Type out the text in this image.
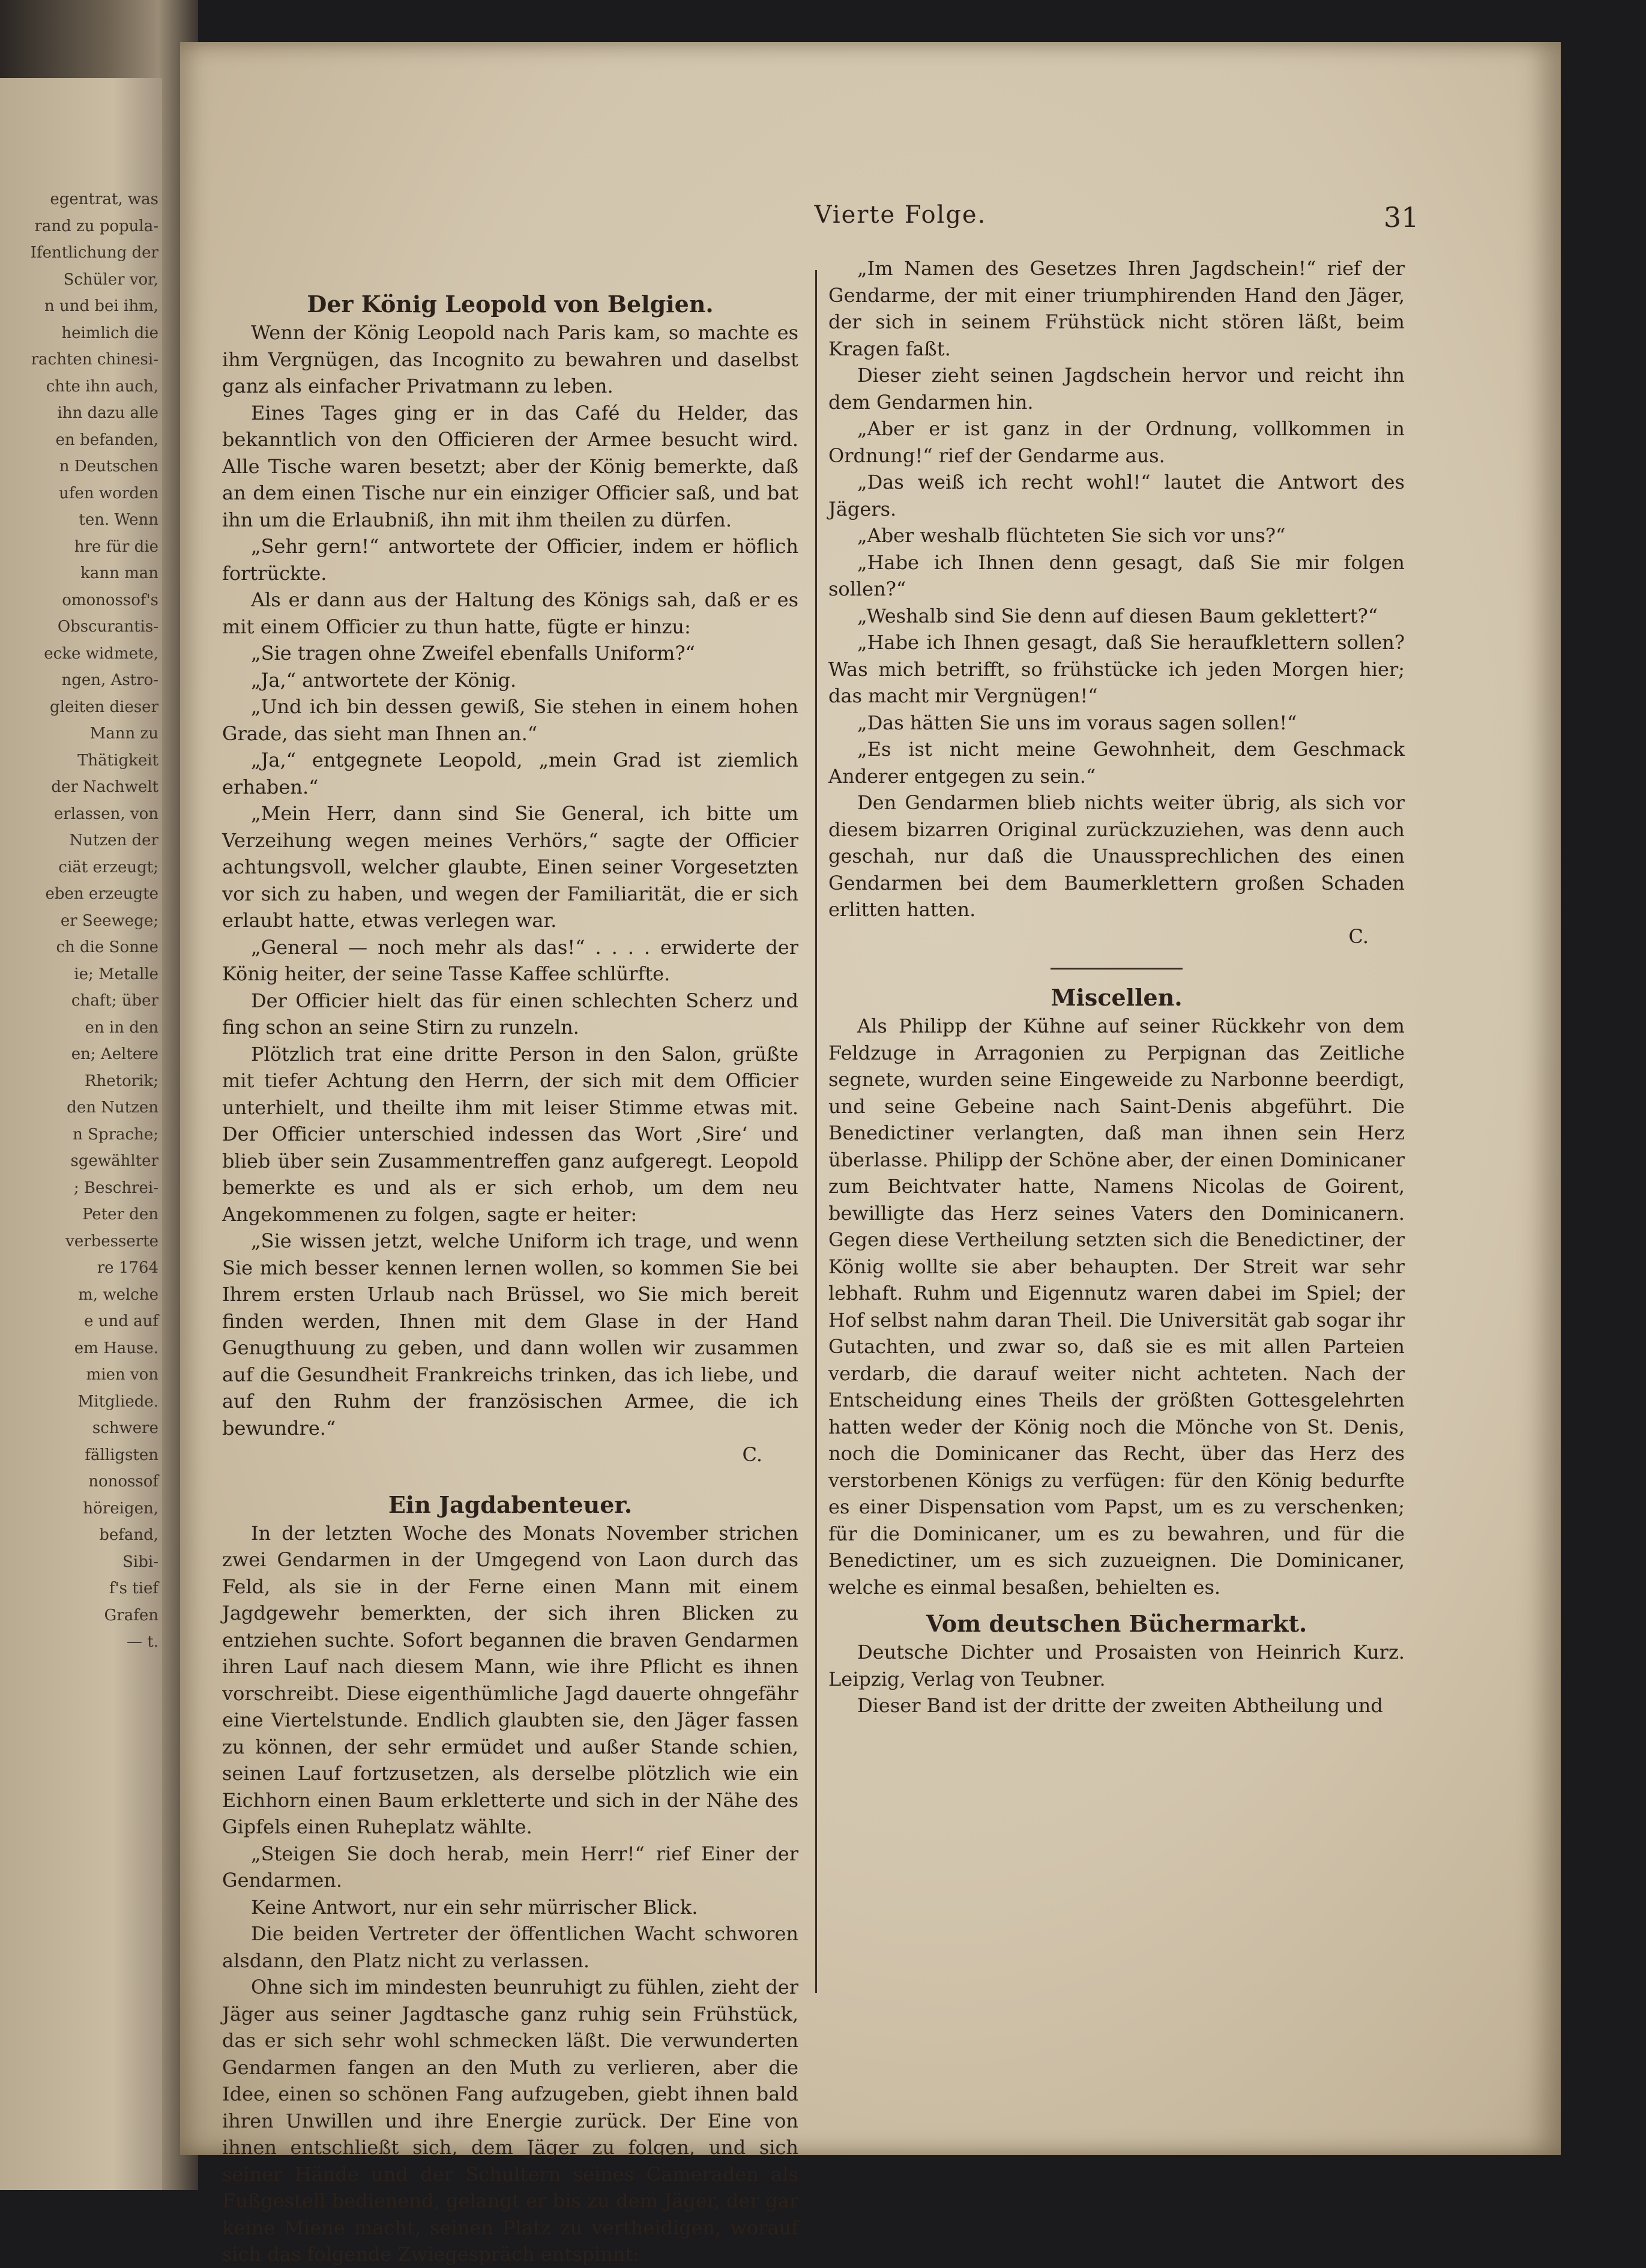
egentrat, was
rand zu popula-
Ifentlichung der
Schüler vor,
n und bei ihm,
heimlich die
rachten chinesi-
chte ihn auch,
ihn dazu alle
en befanden,
n Deutschen
ufen worden
ten. Wenn
hre für die
kann man
omonossof's
Obscurantis-
ecke widmete,
ngen, Astro-
gleiten dieser
Mann zu
Thätigkeit
der Nachwelt
erlassen, von
Nutzen der
ciät erzeugt;
eben erzeugte
er Seewege;
ch die Sonne
ie; Metalle
chaft; über
en in den
en; Aeltere
Rhetorik;
den Nutzen
n Sprache;
sgewählter
; Beschrei-
Peter den
verbesserte
re 1764
m, welche
e und auf
em Hause.
mien von
Mitgliede.
schwere
fälligsten
nonossof
höreigen,
befand,
Sibi-
f's tief
Grafen
— t.
Vierte Folge.	31
Der König Leopold von Belgien.

Wenn der König Leopold nach Paris kam, so machte es ihm Vergnügen, das Incognito zu bewahren und daselbst ganz als einfacher Privatmann zu leben.

Eines Tages ging er in das Café du Helder, das bekanntlich von den Officieren der Armee besucht wird. Alle Tische waren besetzt; aber der König bemerkte, daß an dem einen Tische nur ein einziger Officier saß, und bat ihn um die Erlaubniß, ihn mit ihm theilen zu dürfen.

„Sehr gern!“ antwortete der Officier, indem er höflich fortrückte.

Als er dann aus der Haltung des Königs sah, daß er es mit einem Officier zu thun hatte, fügte er hinzu:

„Sie tragen ohne Zweifel ebenfalls Uniform?“

„Ja,“ antwortete der König.

„Und ich bin dessen gewiß, Sie stehen in einem hohen Grade, das sieht man Ihnen an.“

„Ja,“ entgegnete Leopold, „mein Grad ist ziemlich erhaben.“

„Mein Herr, dann sind Sie General, ich bitte um Verzeihung wegen meines Verhörs,“ sagte der Officier achtungsvoll, welcher glaubte, Einen seiner Vorgesetzten vor sich zu haben, und wegen der Familiarität, die er sich erlaubt hatte, etwas verlegen war.

„General — noch mehr als das!“ . . . . erwiderte der König heiter, der seine Tasse Kaffee schlürfte.

Der Officier hielt das für einen schlechten Scherz und fing schon an seine Stirn zu runzeln.

Plötzlich trat eine dritte Person in den Salon, grüßte mit tiefer Achtung den Herrn, der sich mit dem Officier unterhielt, und theilte ihm mit leiser Stimme etwas mit. Der Officier unterschied indessen das Wort ‚Sire‘ und blieb über sein Zusammentreffen ganz aufgeregt. Leopold bemerkte es und als er sich erhob, um dem neu Angekommenen zu folgen, sagte er heiter:

„Sie wissen jetzt, welche Uniform ich trage, und wenn Sie mich besser kennen lernen wollen, so kommen Sie bei Ihrem ersten Urlaub nach Brüssel, wo Sie mich bereit finden werden, Ihnen mit dem Glase in der Hand Genugthuung zu geben, und dann wollen wir zusammen auf die Gesundheit Frankreichs trinken, das ich liebe, und auf den Ruhm der französischen Armee, die ich bewundre.“

C.
Ein Jagdabenteuer.

In der letzten Woche des Monats November strichen zwei Gendarmen in der Umgegend von Laon durch das Feld, als sie in der Ferne einen Mann mit einem Jagdgewehr bemerkten, der sich ihren Blicken zu entziehen suchte. Sofort begannen die braven Gendarmen ihren Lauf nach diesem Mann, wie ihre Pflicht es ihnen vorschreibt. Diese eigenthümliche Jagd dauerte ohngefähr eine Viertelstunde. Endlich glaubten sie, den Jäger fassen zu können, der sehr ermüdet und außer Stande schien, seinen Lauf fortzusetzen, als derselbe plötzlich wie ein Eichhorn einen Baum erkletterte und sich in der Nähe des Gipfels einen Ruheplatz wählte.

„Steigen Sie doch herab, mein Herr!“ rief Einer der Gendarmen.

Keine Antwort, nur ein sehr mürrischer Blick.

Die beiden Vertreter der öffentlichen Wacht schworen alsdann, den Platz nicht zu verlassen.

Ohne sich im mindesten beunruhigt zu fühlen, zieht der Jäger aus seiner Jagdtasche ganz ruhig sein Frühstück, das er sich sehr wohl schmecken läßt. Die verwunderten Gendarmen fangen an den Muth zu verlieren, aber die Idee, einen so schönen Fang aufzugeben, giebt ihnen bald ihren Unwillen und ihre Energie zurück. Der Eine von ihnen entschließt sich, dem Jäger zu folgen, und sich seiner Hände und der Schultern seines Cameraden als Fußgestell bedienend, gelangt er bis zu dem Jäger, der gar keine Miene macht, seinen Platz zu vertheidigen, worauf sich das folgende Zwiegespräch entspinnt:

„Im Namen des Gesetzes Ihren Jagdschein!“ rief der Gendarme, der mit einer triumphirenden Hand den Jäger, der sich in seinem Frühstück nicht stören läßt, beim Kragen faßt.

Dieser zieht seinen Jagdschein hervor und reicht ihn dem Gendarmen hin.

„Aber er ist ganz in der Ordnung, vollkommen in Ordnung!“ rief der Gendarme aus.

„Das weiß ich recht wohl!“ lautet die Antwort des Jägers.

„Aber weshalb flüchteten Sie sich vor uns?“

„Habe ich Ihnen denn gesagt, daß Sie mir folgen sollen?“

„Weshalb sind Sie denn auf diesen Baum geklettert?“

„Habe ich Ihnen gesagt, daß Sie heraufklettern sollen? Was mich betrifft, so frühstücke ich jeden Morgen hier; das macht mir Vergnügen!“

„Das hätten Sie uns im voraus sagen sollen!“

„Es ist nicht meine Gewohnheit, dem Geschmack Anderer entgegen zu sein.“

Den Gendarmen blieb nichts weiter übrig, als sich vor diesem bizarren Original zurückzuziehen, was denn auch geschah, nur daß die Unaussprechlichen des einen Gendarmen bei dem Baumerklettern großen Schaden erlitten hatten.

C.
Miscellen.

Als Philipp der Kühne auf seiner Rückkehr von dem Feldzuge in Arragonien zu Perpignan das Zeitliche segnete, wurden seine Eingeweide zu Narbonne beerdigt, und seine Gebeine nach Saint-Denis abgeführt. Die Benedictiner verlangten, daß man ihnen sein Herz überlasse. Philipp der Schöne aber, der einen Dominicaner zum Beichtvater hatte, Namens Nicolas de Goirent, bewilligte das Herz seines Vaters den Dominicanern. Gegen diese Vertheilung setzten sich die Benedictiner, der König wollte sie aber behaupten. Der Streit war sehr lebhaft. Ruhm und Eigennutz waren dabei im Spiel; der Hof selbst nahm daran Theil. Die Universität gab sogar ihr Gutachten, und zwar so, daß sie es mit allen Parteien verdarb, die darauf weiter nicht achteten. Nach der Entscheidung eines Theils der größten Gottesgelehrten hatten weder der König noch die Mönche von St. Denis, noch die Dominicaner das Recht, über das Herz des verstorbenen Königs zu verfügen: für den König bedurfte es einer Dispensation vom Papst, um es zu verschenken; für die Dominicaner, um es zu bewahren, und für die Benedictiner, um es sich zuzueignen. Die Dominicaner, welche es einmal besaßen, behielten es.

Vom deutschen Büchermarkt.

Deutsche Dichter und Prosaisten von Heinrich Kurz. Leipzig, Verlag von Teubner.

Dieser Band ist der dritte der zweiten Abtheilung und
